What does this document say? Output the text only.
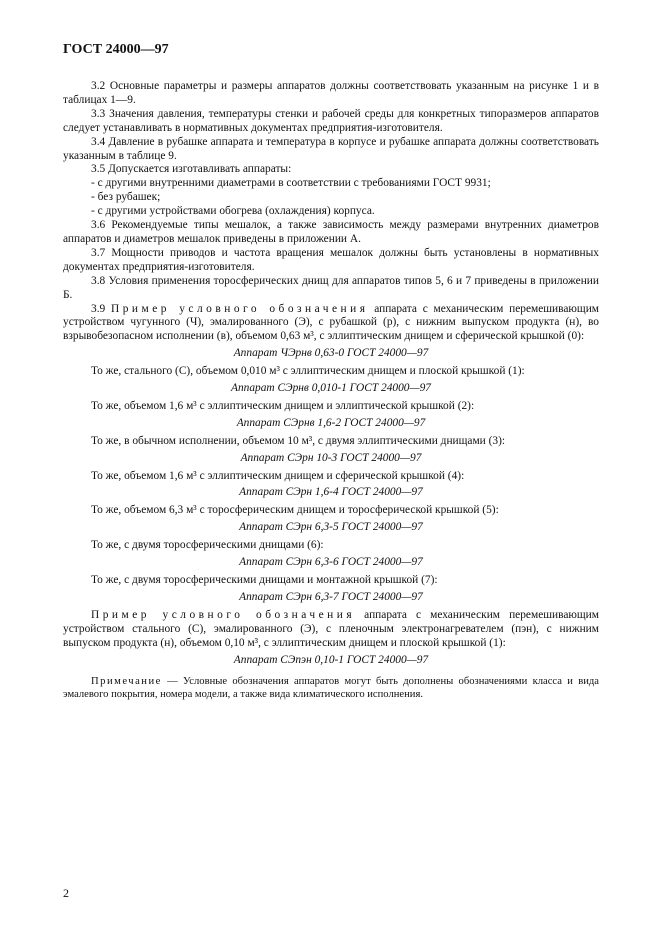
ГОСТ 24000—97

3.2 Основные параметры и размеры аппаратов должны соответствовать указанным на рисунке 1 и в таблицах 1—9.

3.3 Значения давления, температуры стенки и рабочей среды для конкретных типоразмеров аппаратов следует устанавливать в нормативных документах предприятия-изготовителя.

3.4 Давление в рубашке аппарата и температура в корпусе и рубашке аппарата должны соответствовать указанным в таблице 9.

3.5 Допускается изготавливать аппараты:

- с другими внутренними диаметрами в соответствии с требованиями ГОСТ 9931;

- без рубашек;

- с другими устройствами обогрева (охлаждения) корпуса.

3.6 Рекомендуемые типы мешалок, а также зависимость между размерами внутренних диаметров аппаратов и диаметров мешалок приведены в приложении А.

3.7 Мощности приводов и частота вращения мешалок должны быть установлены в нормативных документах предприятия-изготовителя.

3.8 Условия применения торосферических днищ для аппаратов типов 5, 6 и 7 приведены в приложении Б.

3.9 Пример условного обозначения аппарата с механическим перемешивающим устройством чугунного (Ч), эмалированного (Э), с рубашкой (р), с нижним выпуском продукта (н), во взрывобезопасном исполнении (в), объемом 0,63 м³, с эллиптическим днищем и сферической крышкой (0):

Аппарат ЧЭрнв 0,63-0 ГОСТ 24000—97

То же, стального (С), объемом 0,010 м³ с эллиптическим днищем и плоской крышкой (1):

Аппарат СЭрнв 0,010-1 ГОСТ 24000—97

То же, объемом 1,6 м³ с эллиптическим днищем и эллиптической крышкой (2):

Аппарат СЭрнв 1,6-2 ГОСТ 24000—97

То же, в обычном исполнении, объемом 10 м³, с двумя эллиптическими днищами (3):

Аппарат СЭрн 10-3 ГОСТ 24000—97

То же, объемом 1,6 м³ с эллиптическим днищем и сферической крышкой (4):

Аппарат СЭрн 1,6-4 ГОСТ 24000—97

То же, объемом 6,3 м³ с торосферическим днищем и торосферической крышкой (5):

Аппарат СЭрн 6,3-5 ГОСТ 24000—97

То же, с двумя торосферическими днищами (6):

Аппарат СЭрн 6,3-6 ГОСТ 24000—97

То же, с двумя торосферическими днищами и монтажной крышкой (7):

Аппарат СЭрн 6,3-7 ГОСТ 24000—97

Пример условного обозначения аппарата с механическим перемешивающим устройством стального (С), эмалированного (Э), с пленочным электронагревателем (пэн), с нижним выпуском продукта (н), объемом 0,10 м³, с эллиптическим днищем и плоской крышкой (1):

Аппарат СЭпэн 0,10-1 ГОСТ 24000—97

Примечание — Условные обозначения аппаратов могут быть дополнены обозначениями класса и вида эмалевого покрытия, номера модели, а также вида климатического исполнения.

2
